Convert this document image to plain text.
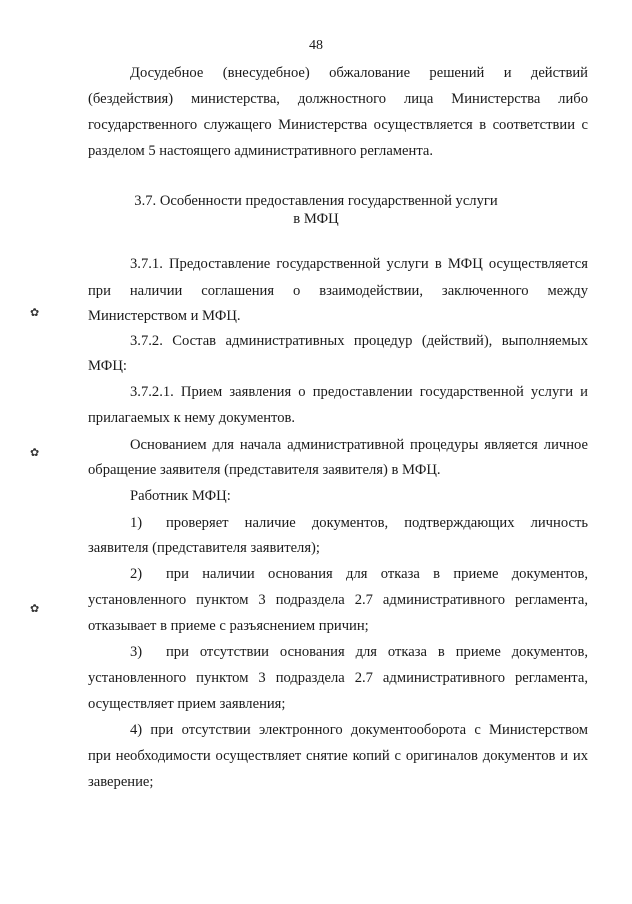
48
Досудебное (внесудебное) обжалование решений и действий
(бездействия) министерства, должностного лица Министерства либо
государственного служащего Министерства осуществляется в соответствии с
разделом 5 настоящего административного регламента.
3.7. Особенности предоставления государственной услуги
в МФЦ
3.7.1. Предоставление государственной услуги в МФЦ осуществляется
при наличии соглашения о взаимодействии, заключенного между
Министерством и МФЦ.
3.7.2. Состав административных процедур (действий), выполняемых
МФЦ:
3.7.2.1. Прием заявления о предоставлении государственной услуги и
прилагаемых к нему документов.
Основанием для начала административной процедуры является личное
обращение заявителя (представителя заявителя) в МФЦ.
Работник МФЦ:
1) проверяет наличие документов, подтверждающих личность
заявителя (представителя заявителя);
2) при наличии основания для отказа в приеме документов,
установленного пунктом 3 подраздела 2.7 административного регламента,
отказывает в приеме с разъяснением причин;
3) при отсутствии основания для отказа в приеме документов,
установленного пунктом 3 подраздела 2.7 административного регламента,
осуществляет прием заявления;
4) при отсутствии электронного документооборота с Министерством
при необходимости осуществляет снятие копий с оригиналов документов и их
заверение;
✿
✿
✿
